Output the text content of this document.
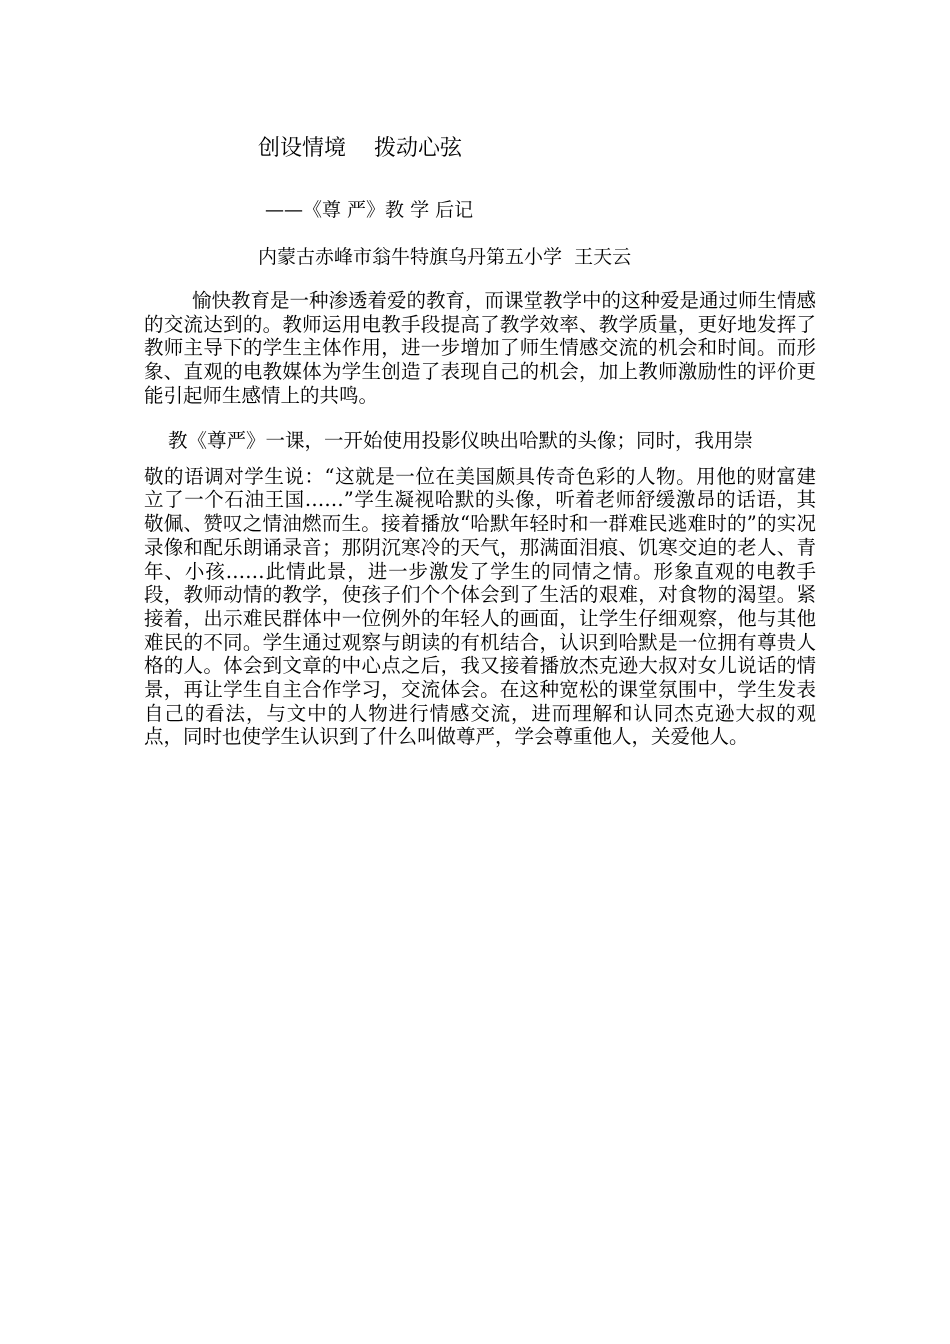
创设情境    拨动心弦
——《尊 严》教 学 后记
内蒙古赤峰市翁牛特旗乌丹第五小学  王天云

愉快教育是一种渗透着爱的教育，而课堂教学中的这种爱是通过师生情感的交流达到的。教师运用电教手段提高了教学效率、教学质量，更好地发挥了教师主导下的学生主体作用，进一步增加了师生情感交流的机会和时间。而形象、直观的电教媒体为学生创造了表现自己的机会，加上教师激励性的评价更能引起师生感情上的共鸣。

教《尊严》一课，一开始使用投影仪映出哈默的头像；同时，我用崇
敬的语调对学生说：“这就是一位在美国颇具传奇色彩的人物。用他的财富建立了一个石油王国……”学生凝视哈默的头像，听着老师舒缓激昂的话语，其敬佩、赞叹之情油燃而生。接着播放“哈默年轻时和一群难民逃难时的”的实况录像和配乐朗诵录音；那阴沉寒冷的天气，那满面泪痕、饥寒交迫的老人、青年、小孩……此情此景，进一步激发了学生的同情之情。形象直观的电教手段，教师动情的教学，使孩子们个个体会到了生活的艰难，对食物的渴望。紧接着，出示难民群体中一位例外的年轻人的画面，让学生仔细观察，他与其他难民的不同。学生通过观察与朗读的有机结合，认识到哈默是一位拥有尊贵人格的人。体会到文章的中心点之后，我又接着播放杰克逊大叔对女儿说话的情景，再让学生自主合作学习，交流体会。在这种宽松的课堂氛围中，学生发表自己的看法，与文中的人物进行情感交流，进而理解和认同杰克逊大叔的观点，同时也使学生认识到了什么叫做尊严，学会尊重他人，关爱他人。
